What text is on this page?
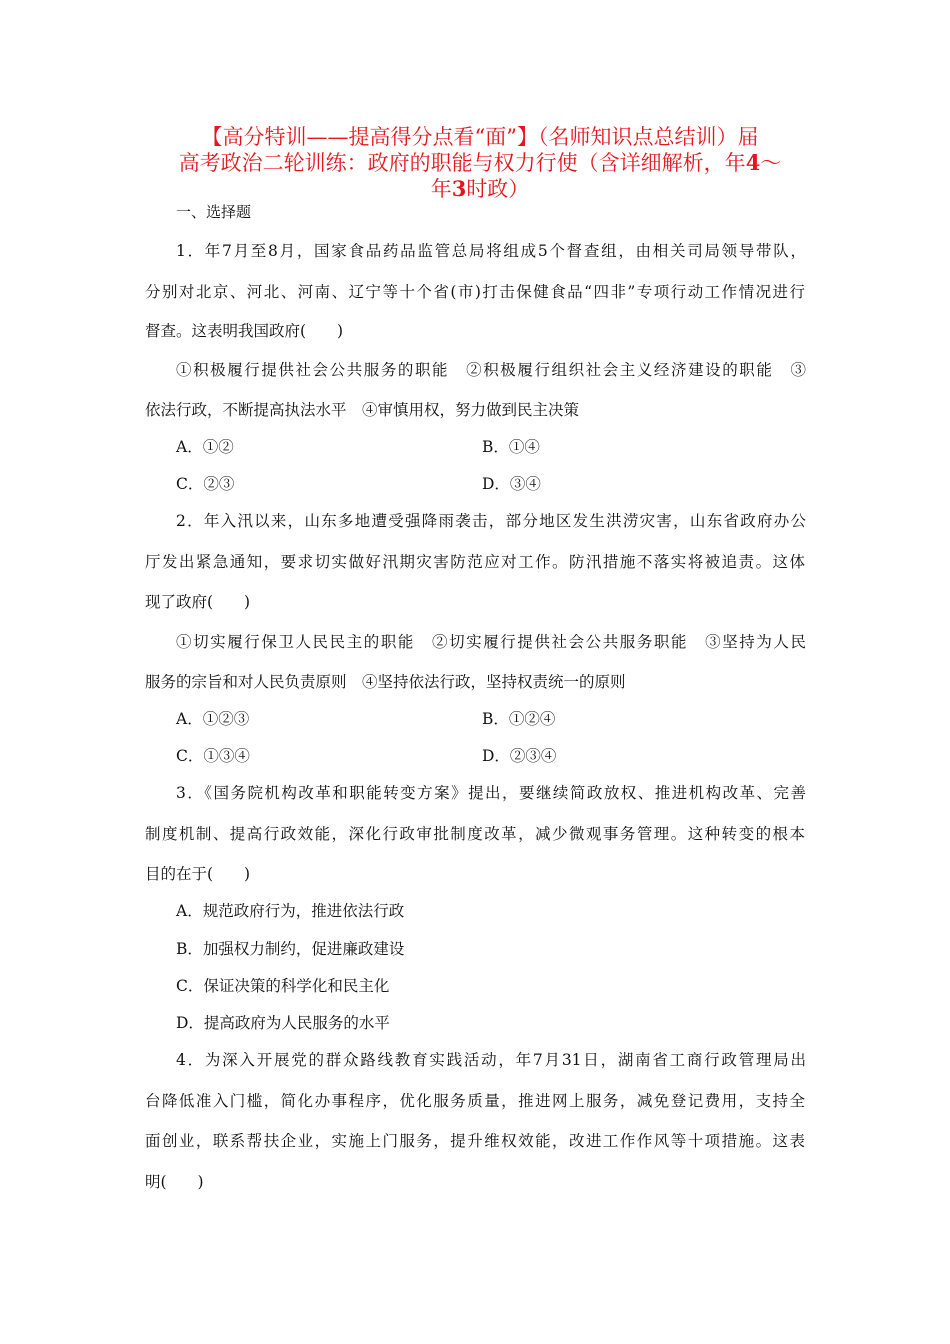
【高分特训——提高得分点看“面”】（名师知识点总结训）届
高考政治二轮训练：政府的职能与权力行使（含详细解析，年4～
年3时政）
一、选择题
1．年7月至8月，国家食品药品监管总局将组成5个督查组，由相关司局领导带队，
分别对北京、河北、河南、辽宁等十个省(市)打击保健食品“四非”专项行动工作情况进行
督查。这表明我国政府(　　)
①积极履行提供社会公共服务的职能　②积极履行组织社会主义经济建设的职能　③
依法行政，不断提高执法水平　④审慎用权，努力做到民主决策
A．①②	B．①④
C．②③	D．③④
2．年入汛以来，山东多地遭受强降雨袭击，部分地区发生洪涝灾害，山东省政府办公
厅发出紧急通知，要求切实做好汛期灾害防范应对工作。防汛措施不落实将被追责。这体
现了政府(　　)
①切实履行保卫人民民主的职能　②切实履行提供社会公共服务职能　③坚持为人民
服务的宗旨和对人民负责原则　④坚持依法行政，坚持权责统一的原则
A．①②③	B．①②④
C．①③④	D．②③④
3．《国务院机构改革和职能转变方案》提出，要继续简政放权、推进机构改革、完善
制度机制、提高行政效能，深化行政审批制度改革，减少微观事务管理。这种转变的根本
目的在于(　　)
A．规范政府行为，推进依法行政
B．加强权力制约，促进廉政建设
C．保证决策的科学化和民主化
D．提高政府为人民服务的水平
4．为深入开展党的群众路线教育实践活动，年7月31日，湖南省工商行政管理局出
台降低准入门槛，简化办事程序，优化服务质量，推进网上服务，减免登记费用，支持全
面创业，联系帮扶企业，实施上门服务，提升维权效能，改进工作作风等十项措施。这表
明(　　)
